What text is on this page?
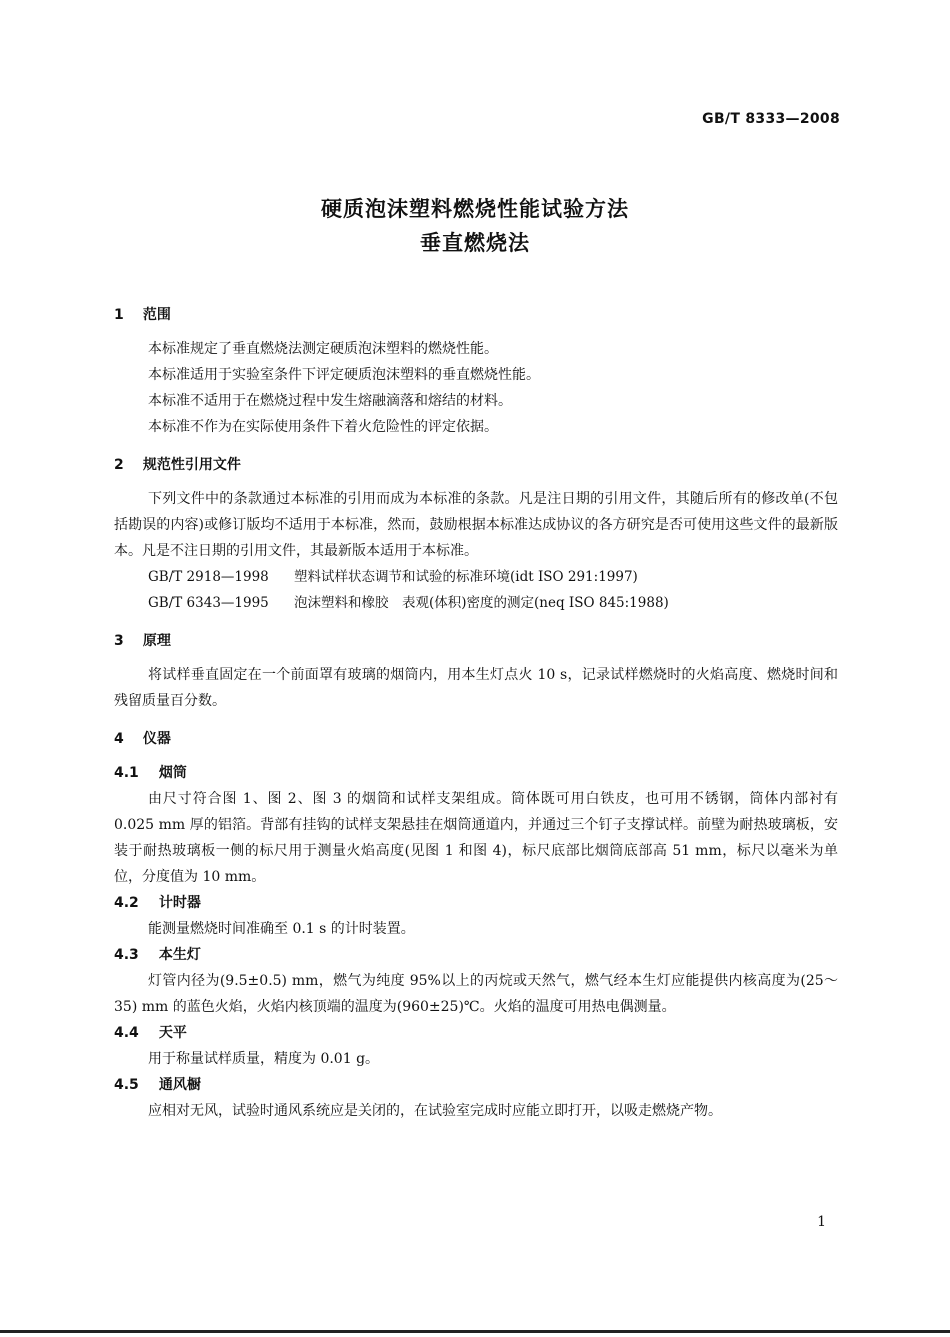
GB/T 8333—2008
硬质泡沫塑料燃烧性能试验方法
垂直燃烧法
1 范围

本标准规定了垂直燃烧法测定硬质泡沫塑料的燃烧性能。

本标准适用于实验室条件下评定硬质泡沫塑料的垂直燃烧性能。

本标准不适用于在燃烧过程中发生熔融滴落和熔结的材料。

本标准不作为在实际使用条件下着火危险性的评定依据。

2 规范性引用文件

下列文件中的条款通过本标准的引用而成为本标准的条款。凡是注日期的引用文件，其随后所有的修改单(不包括勘误的内容)或修订版均不适用于本标准，然而，鼓励根据本标准达成协议的各方研究是否可使用这些文件的最新版本。凡是不注日期的引用文件，其最新版本适用于本标准。

GB/T 2918—1998 塑料试样状态调节和试验的标准环境(idt ISO 291:1997)
GB/T 6343—1995 泡沫塑料和橡胶　表观(体积)密度的测定(neq ISO 845:1988)
3 原理

将试样垂直固定在一个前面罩有玻璃的烟筒内，用本生灯点火 10 s，记录试样燃烧时的火焰高度、燃烧时间和残留质量百分数。

4 仪器
4.1 烟筒

由尺寸符合图 1、图 2、图 3 的烟筒和试样支架组成。筒体既可用白铁皮，也可用不锈钢，筒体内部衬有 0.025 mm 厚的铝箔。背部有挂钩的试样支架悬挂在烟筒通道内，并通过三个钉子支撑试样。前壁为耐热玻璃板，安装于耐热玻璃板一侧的标尺用于测量火焰高度(见图 1 和图 4)，标尺底部比烟筒底部高 51 mm，标尺以毫米为单位，分度值为 10 mm。

4.2 计时器

能测量燃烧时间准确至 0.1 s 的计时装置。

4.3 本生灯

灯管内径为(9.5±0.5) mm，燃气为纯度 95%以上的丙烷或天然气，燃气经本生灯应能提供内核高度为(25～35) mm 的蓝色火焰，火焰内核顶端的温度为(960±25)℃。火焰的温度可用热电偶测量。

4.4 天平

用于称量试样质量，精度为 0.01 g。

4.5 通风橱

应相对无风，试验时通风系统应是关闭的，在试验室完成时应能立即打开，以吸走燃烧产物。

1
